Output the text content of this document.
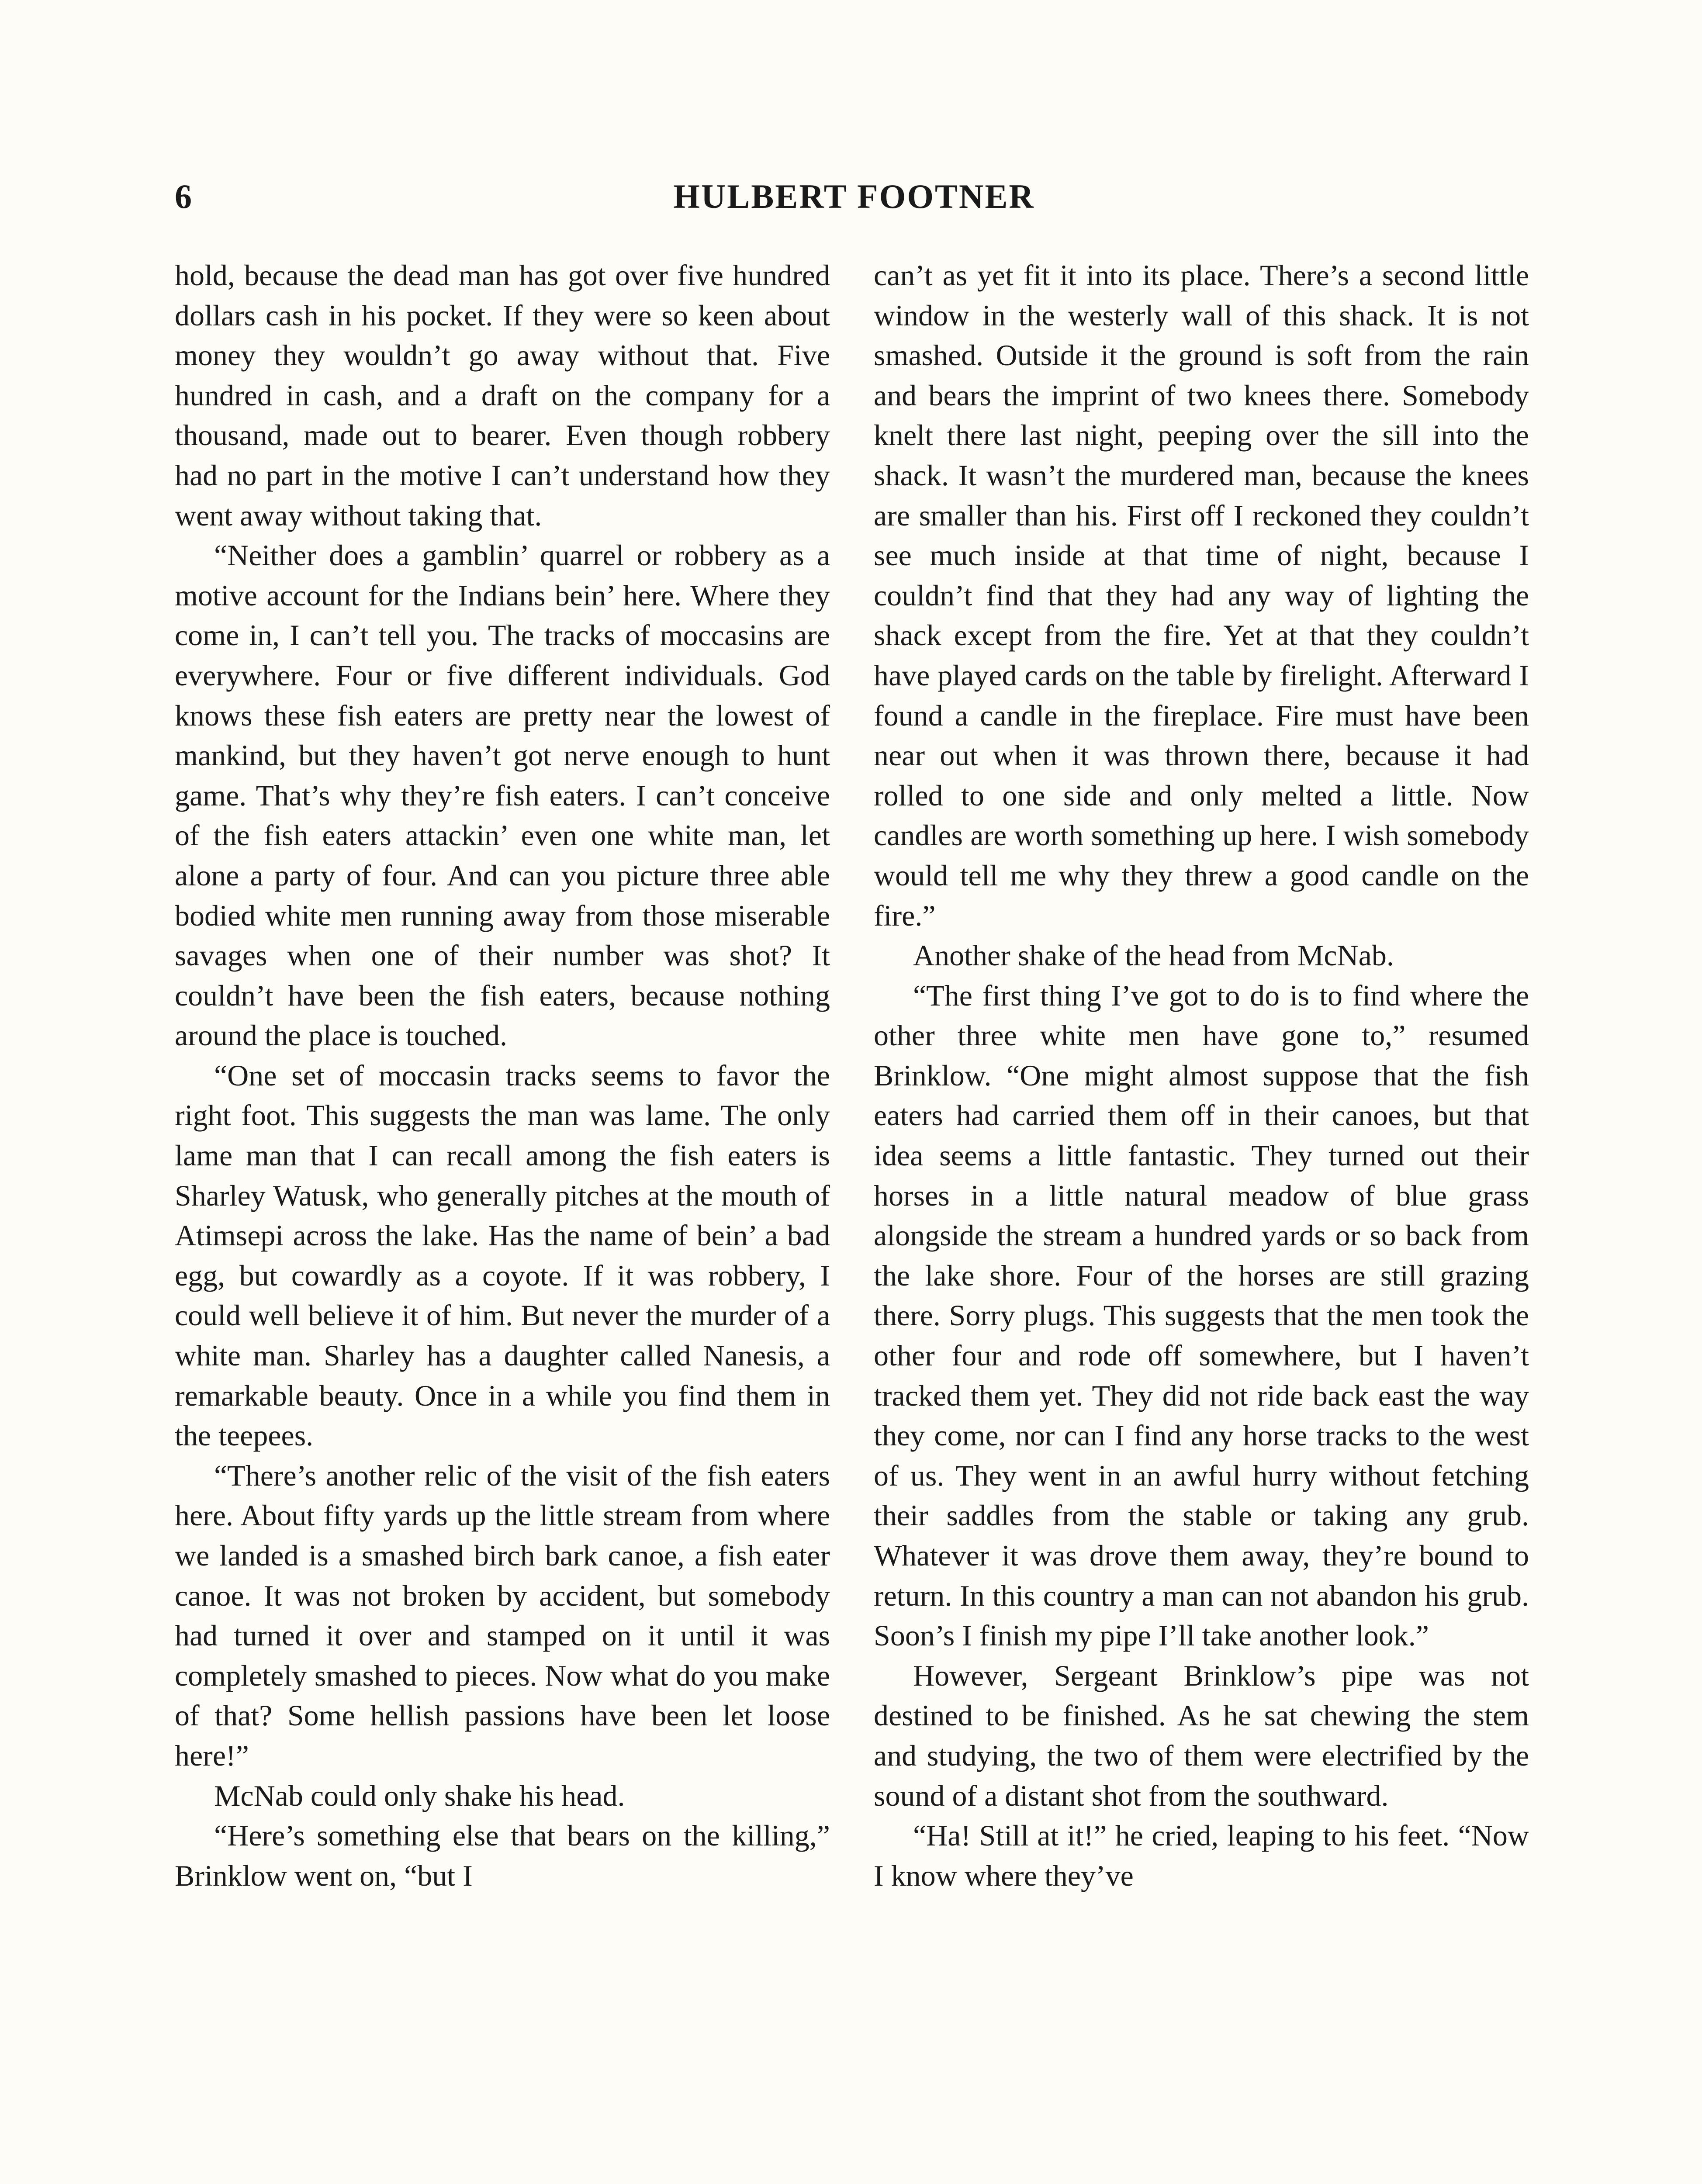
6	HULBERT FOOTNER

hold, because the dead man has got over five hundred dollars cash in his pocket. If they were so keen about money they wouldn’t go away without that. Five hundred in cash, and a draft on the company for a thousand, made out to bearer. Even though robbery had no part in the motive I can’t understand how they went away without taking that.

“Neither does a gamblin’ quarrel or robbery as a motive account for the Indians bein’ here. Where they come in, I can’t tell you. The tracks of moccasins are everywhere. Four or five different individuals. God knows these fish eaters are pretty near the lowest of mankind, but they haven’t got nerve enough to hunt game. That’s why they’re fish eaters. I can’t conceive of the fish eaters attackin’ even one white man, let alone a party of four. And can you picture three able bodied white men running away from those miserable savages when one of their number was shot? It couldn’t have been the fish eaters, because nothing around the place is touched.

“One set of moccasin tracks seems to favor the right foot. This suggests the man was lame. The only lame man that I can recall among the fish eaters is Sharley Watusk, who generally pitches at the mouth of Atimsepi across the lake. Has the name of bein’ a bad egg, but cowardly as a coyote. If it was robbery, I could well believe it of him. But never the murder of a white man. Sharley has a daughter called Nanesis, a remarkable beauty. Once in a while you find them in the teepees.

“There’s another relic of the visit of the fish eaters here. About fifty yards up the little stream from where we landed is a smashed birch bark canoe, a fish eater canoe. It was not broken by accident, but somebody had turned it over and stamped on it until it was completely smashed to pieces. Now what do you make of that? Some hellish passions have been let loose here!”

McNab could only shake his head.

“Here’s something else that bears on the killing,” Brinklow went on, “but I

can’t as yet fit it into its place. There’s a second little window in the westerly wall of this shack. It is not smashed. Outside it the ground is soft from the rain and bears the imprint of two knees there. Somebody knelt there last night, peeping over the sill into the shack. It wasn’t the murdered man, because the knees are smaller than his. First off I reckoned they couldn’t see much inside at that time of night, because I couldn’t find that they had any way of lighting the shack except from the fire. Yet at that they couldn’t have played cards on the table by firelight. Afterward I found a candle in the fireplace. Fire must have been near out when it was thrown there, because it had rolled to one side and only melted a little. Now candles are worth something up here. I wish somebody would tell me why they threw a good candle on the fire.”

Another shake of the head from McNab.

“The first thing I’ve got to do is to find where the other three white men have gone to,” resumed Brinklow. “One might almost suppose that the fish eaters had carried them off in their canoes, but that idea seems a little fantastic. They turned out their horses in a little natural meadow of blue grass alongside the stream a hundred yards or so back from the lake shore. Four of the horses are still grazing there. Sorry plugs. This suggests that the men took the other four and rode off somewhere, but I haven’t tracked them yet. They did not ride back east the way they come, nor can I find any horse tracks to the west of us. They went in an awful hurry without fetching their saddles from the stable or taking any grub. Whatever it was drove them away, they’re bound to return. In this country a man can not abandon his grub. Soon’s I finish my pipe I’ll take another look.”

However, Sergeant Brinklow’s pipe was not destined to be finished. As he sat chewing the stem and studying, the two of them were electrified by the sound of a distant shot from the southward.

“Ha! Still at it!” he cried, leaping to his feet. “Now I know where they’ve
